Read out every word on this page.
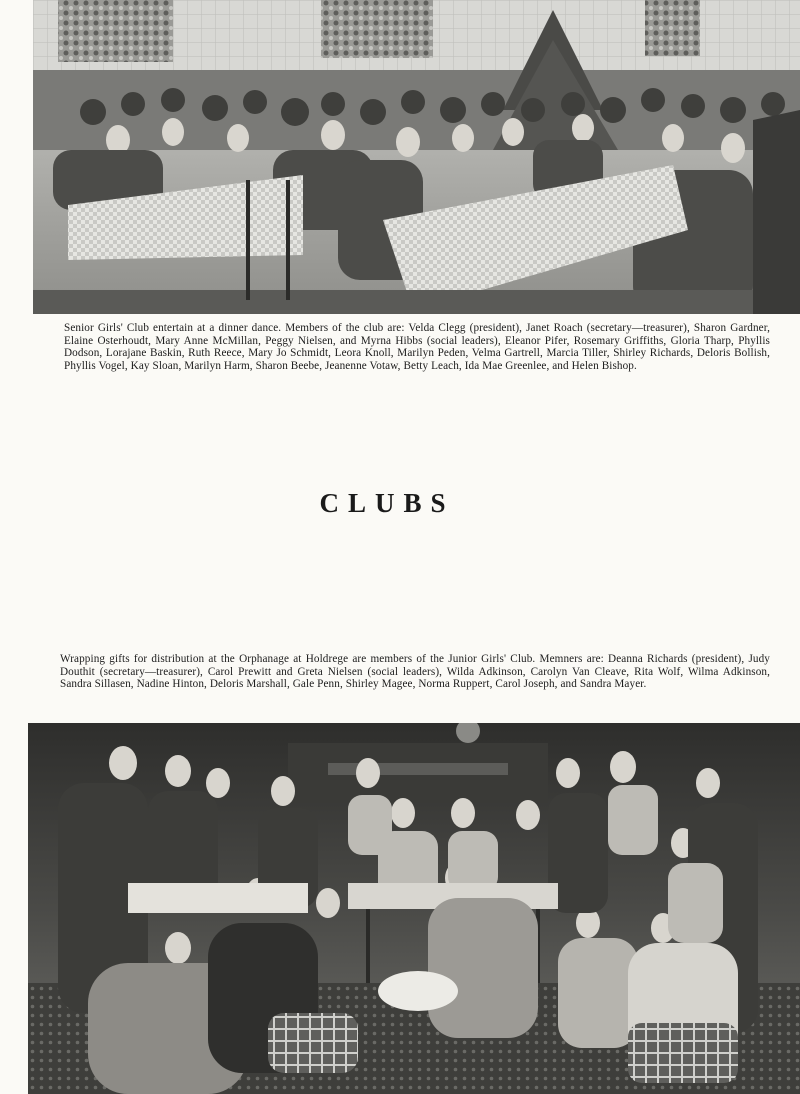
Senior Girls' Club entertain at a dinner dance. Members of the club are: Velda Clegg (president), Janet Roach (secretary—treasurer), Sharon Gardner, Elaine Osterhoudt, Mary Anne McMillan, Peggy Nielsen, and Myrna Hibbs (social leaders), Eleanor Pifer, Rosemary Griffiths, Gloria Tharp, Phyllis Dodson, Lorajane Baskin, Ruth Reece, Mary Jo Schmidt, Leora Knoll, Marilyn Peden, Velma Gartrell, Marcia Tiller, Shirley Richards, Deloris Bollish, Phyllis Vogel, Kay Sloan, Marilyn Harm, Sharon Beebe, Jeanenne Votaw, Betty Leach, Ida Mae Greenlee, and Helen Bishop.

CLUBS

Wrapping gifts for distribution at the Orphanage at Holdrege are members of the Junior Girls' Club. Memners are: Deanna Richards (president), Judy Douthit (secretary—treasurer), Carol Prewitt and Greta Nielsen (social leaders), Wilda Adkinson, Carolyn Van Cleave, Rita Wolf, Wilma Adkinson, Sandra Sillasen, Nadine Hinton, Deloris Marshall, Gale Penn, Shirley Magee, Norma Ruppert, Carol Joseph, and Sandra Mayer.
